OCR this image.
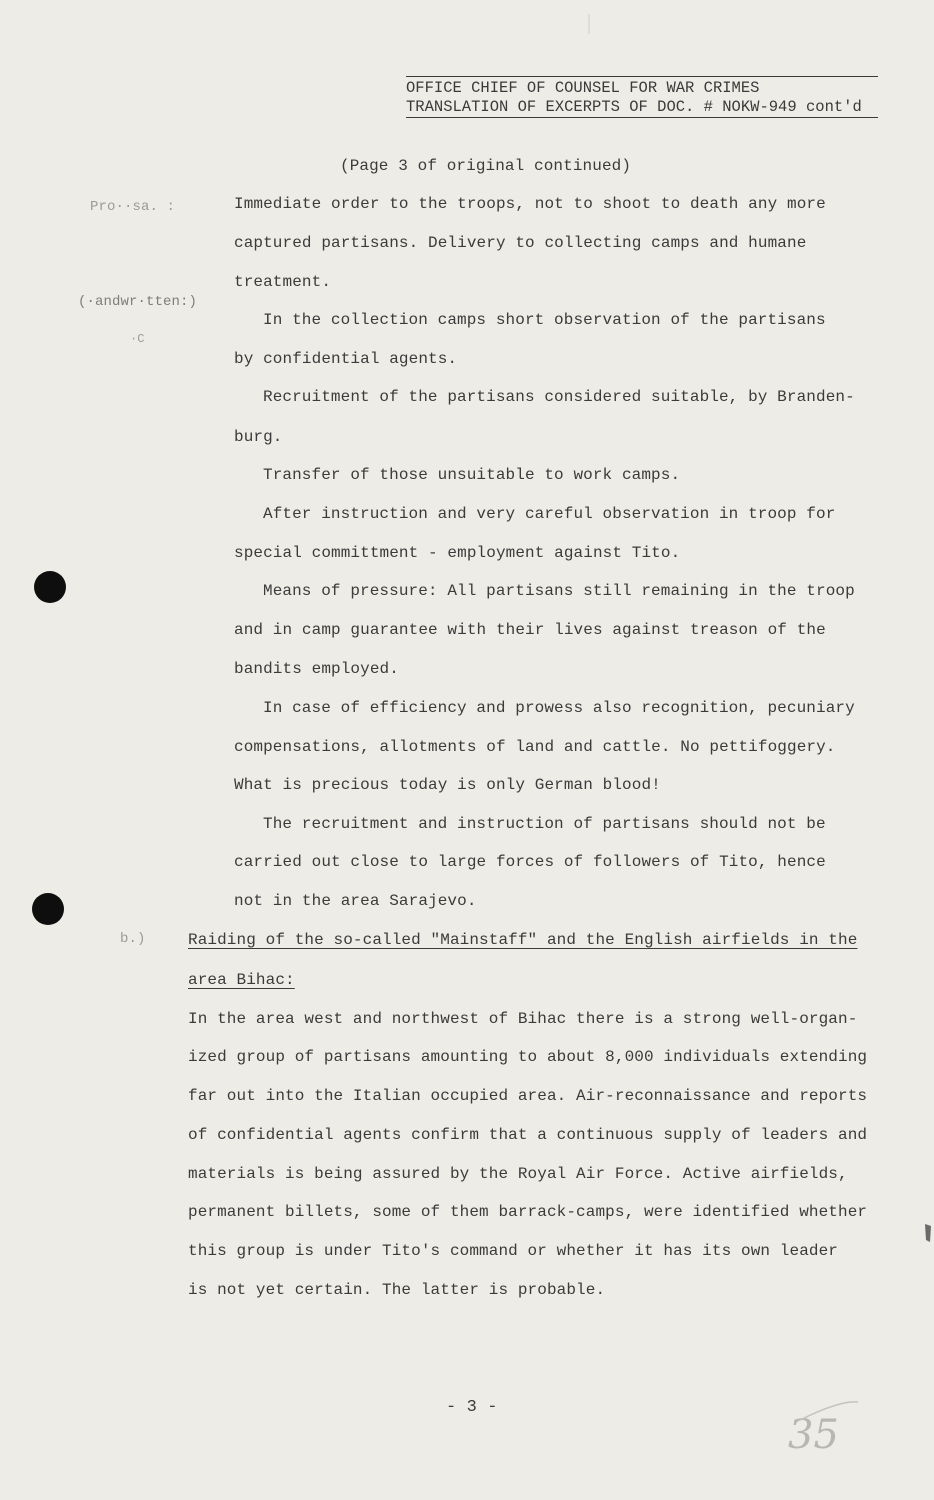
OFFICE CHIEF OF COUNSEL FOR WAR CRIMES
TRANSLATION OF EXCERPTS OF DOC. # NOKW-949 cont'd
(Page 3 of original continued)
Pro··sa. :
(·andwr·tten:)
·C
Immediate order to the troops, not to shoot to death any more
captured partisans. Delivery to collecting camps and humane
treatment.
In the collection camps short observation of the partisans
by confidential agents.
Recruitment of the partisans considered suitable, by Branden-
burg.
Transfer of those unsuitable to work camps.
After instruction and very careful observation in troop for
special committment - employment against Tito.
Means of pressure: All partisans still remaining in the troop
and in camp guarantee with their lives against treason of the
bandits employed.
In case of efficiency and prowess also recognition, pecuniary
compensations, allotments of land and cattle. No pettifoggery.
What is precious today is only German blood!
The recruitment and instruction of partisans should not be
carried out close to large forces of followers of Tito, hence
not in the area Sarajevo.
b.)	Raiding of the so-called "Mainstaff" and the English airfields in the
area Bihac:
In the area west and northwest of Bihac there is a strong well-organ-
ized group of partisans amounting to about 8,000 individuals extending
far out into the Italian occupied area. Air-reconnaissance and reports
of confidential agents confirm that a continuous supply of leaders and
materials is being assured by the Royal Air Force. Active airfields,
permanent billets, some of them barrack-camps, were identified whether
this group is under Tito's command or whether it has its own leader
is not yet certain. The latter is probable.
- 3 -
35
